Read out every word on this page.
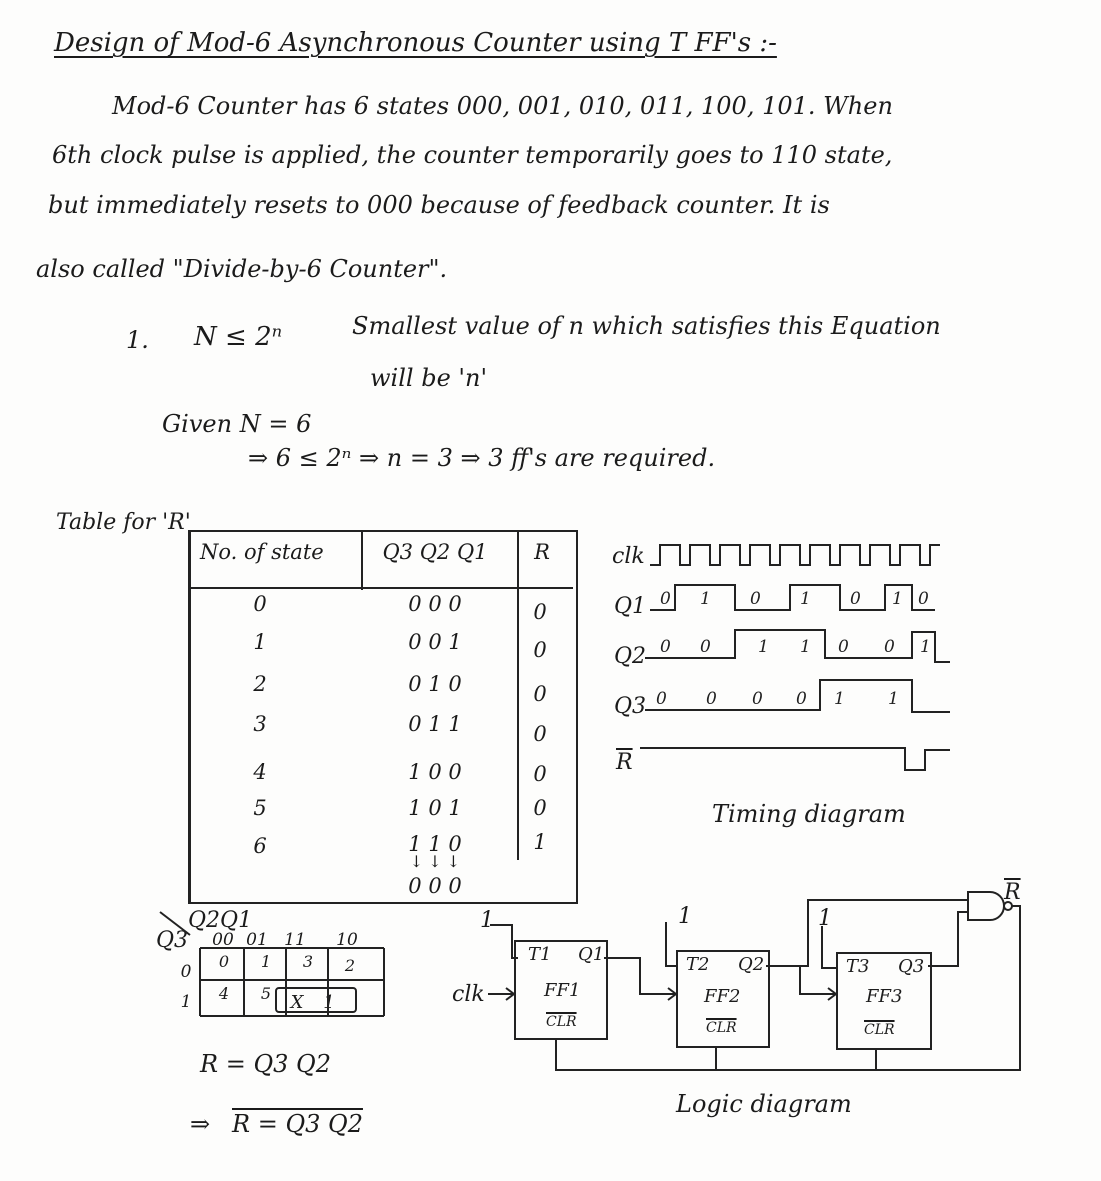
Design of Mod-6 Asynchronous Counter using T FF's :-
Mod-6 Counter has 6 states 000, 001, 010, 011, 100, 101. When
6th clock pulse is applied, the counter temporarily goes to 110 state,
but immediately resets to 000 because of feedback counter. It is
also called "Divide-by-6 Counter".
1. N ≤ 2ⁿ	Smallest value of n which satisfies this Equation
will be 'n'
Given N = 6
⇒ 6 ≤ 2ⁿ ⇒ n = 3 ⇒ 3 ff's are required.
Table for 'R'
No. of state	Q3 Q2 Q1	R
0	0 0 0	0
1	0 0 1	0
2	0 1 0	0
3	0 1 1	0
4	1 0 0	0
5	1 0 1	0
6	1 1 0	1
↓ ↓ ↓
0 0 0
clk
Q1
Q2
Q3
$\overline{R}$
Timing diagram
Q3
Q2Q1
00 01 11	10
0
1
0	1	3	2
4	5	X	1
R = Q3 Q2
⇒ R = Q3 Q2
1	1	1
clk
$\overline{R}$
T1 Q1
FF1
$\overline{CLR}$
T2 Q2
FF2
$\overline{CLR}$
T3 Q3
FF3
$\overline{CLR}$
Logic diagram
0 1 0 1 0 1 0
0 0	1 1 0 0 1
0 0 0 0 1	1
